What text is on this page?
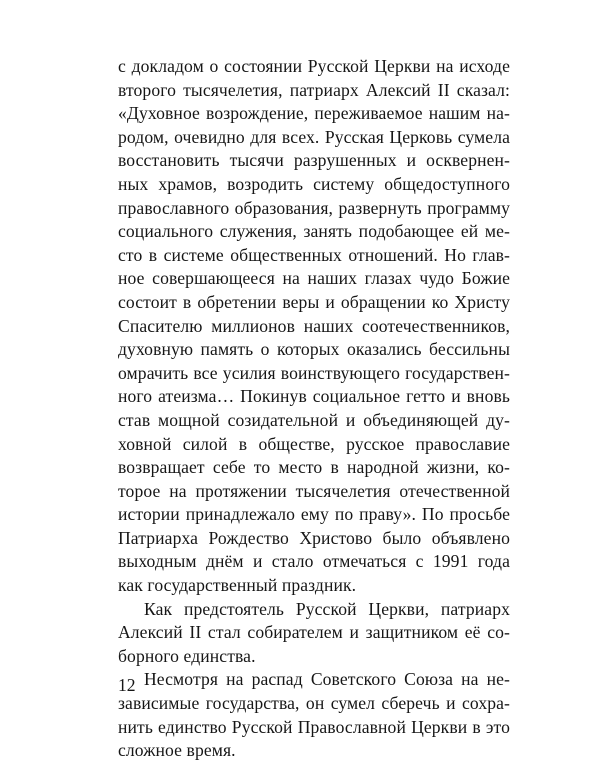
с докладом о состоянии Русской Церкви на исходе
второго тысячелетия, патриарх Алексий II сказал:
«Духовное возрождение, переживаемое нашим на-
родом, очевидно для всех. Русская Церковь сумела
восстановить тысячи разрушенных и осквернен-
ных храмов, возродить систему общедоступного
православного образования, развернуть программу
социального служения, занять подобающее ей ме-
сто в системе общественных отношений. Но глав-
ное совершающееся на наших глазах чудо Божие
состоит в обретении веры и обращении ко Христу
Спасителю миллионов наших соотечественников,
духовную память о которых оказались бессильны
омрачить все усилия воинствующего государствен-
ного атеизма… Покинув социальное гетто и вновь
став мощной созидательной и объединяющей ду-
ховной силой в обществе, русское православие
возвращает себе то место в народной жизни, ко-
торое на протяжении тысячелетия отечественной
истории принадлежало ему по праву». По просьбе
Патриарха Рождество Христово было объявлено
выходным днём и стало отмечаться с 1991 года
как государственный праздник.
Как предстоятель Русской Церкви, патриарх
Алексий II стал собирателем и защитником её со-
борного единства.
Несмотря на распад Советского Союза на не-
зависимые государства, он сумел сберечь и сохра-
нить единство Русской Православной Церкви в это
сложное время.
12
